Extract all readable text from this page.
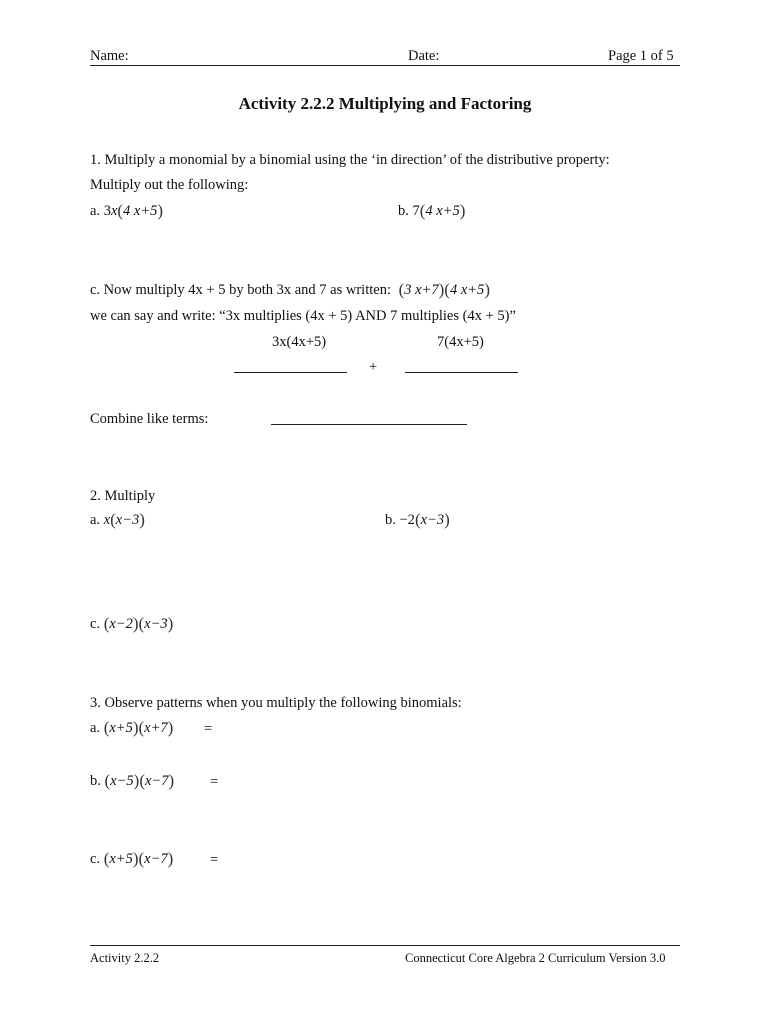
Name:	Date:	Page 1 of 5
Activity 2.2.2 Multiplying and Factoring
1. Multiply a monomial by a binomial using the ‘in direction’ of the distributive property:
Multiply out the following:
a. 3x(4 x+5)	b. 7(4 x+5)
c. Now multiply 4x + 5 by both 3x and 7 as written: (3 x+7)(4 x+5)
we can say and write: “3x multiplies (4x + 5) AND 7 multiplies (4x + 5)”
3x(4x+5)	7(4x+5)
+
Combine like terms:
2. Multiply
a. x(x−3)	b. −2(x−3)
c. (x−2)(x−3)
3. Observe patterns when you multiply the following binomials:
a. (x+5)(x+7) =
b. (x−5)(x−7) =
c. (x+5)(x−7)	=
Activity 2.2.2	Connecticut Core Algebra 2 Curriculum Version 3.0
